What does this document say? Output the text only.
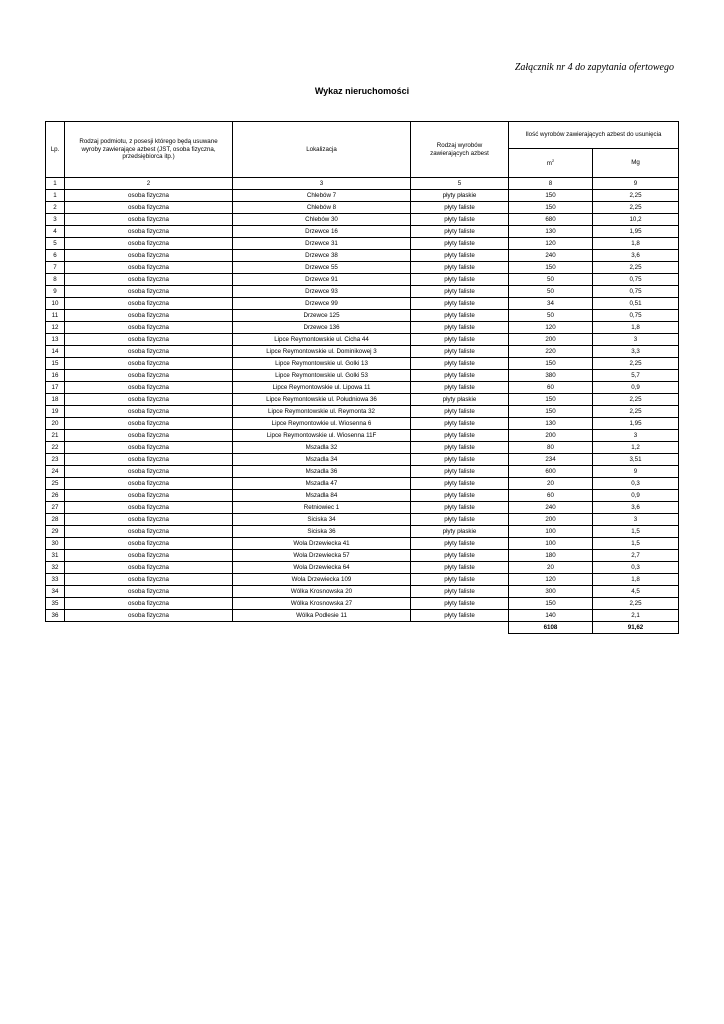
Załącznik nr 4 do zapytania ofertowego
Wykaz nieruchomości
Lp.	Rodzaj podmiotu, z posesji którego będą usuwane wyroby zawierające azbest (JST, osoba fizyczna, przedsiębiorca itp.)	Lokalizacja	Rodzaj wyrobów zawierających azbest	Ilość wyrobów zawierających azbest do usunięcia	
				$m^2$	Mg
1	2	3	5	8	9
1	osoba fizyczna	Chlebów 7	płyty płaskie	150	2,25
2	osoba fizyczna	Chlebów 8	płyty faliste	150	2,25
3	osoba fizyczna	Chlebów 30	płyty faliste	680	10,2
4	osoba fizyczna	Drzewce 16	płyty faliste	130	1,95
5	osoba fizyczna	Drzewce 31	płyty faliste	120	1,8
6	osoba fizyczna	Drzewce 38	płyty faliste	240	3,6
7	osoba fizyczna	Drzewce 55	płyty faliste	150	2,25
8	osoba fizyczna	Drzewce 91	płyty faliste	50	0,75
9	osoba fizyczna	Drzewce 93	płyty faliste	50	0,75
10	osoba fizyczna	Drzewce 99	płyty faliste	34	0,51
11	osoba fizyczna	Drzewce 125	płyty faliste	50	0,75
12	osoba fizyczna	Drzewce 136	płyty faliste	120	1,8
13	osoba fizyczna	Lipce Reymontowskie ul. Cicha 44	płyty faliste	200	3
14	osoba fizyczna	Lipce Reymontowskie ul. Dominikowej 3	płyty faliste	220	3,3
15	osoba fizyczna	Lipce Reymontowskie ul. Golki 13	płyty faliste	150	2,25
16	osoba fizyczna	Lipce Reymontowskie ul. Golki 53	płyty faliste	380	5,7
17	osoba fizyczna	Lipce Reymontowskie ul. Lipowa 11	płyty faliste	60	0,9
18	osoba fizyczna	Lipce Reymontowskie ul. Południowa 36	płyty płaskie	150	2,25
19	osoba fizyczna	Lipce Reymontowskie ul. Reymonta 32	płyty faliste	150	2,25
20	osoba fizyczna	Lipce Reymontowkie ul. Wiosenna 6	płyty faliste	130	1,95
21	osoba fizyczna	Lipce Reymontowskie ul. Wiosenna 11F	płyty faliste	200	3
22	osoba fizyczna	Mszadla 32	płyty faliste	80	1,2
23	osoba fizyczna	Mszadla 34	płyty faliste	234	3,51
24	osoba fizyczna	Mszadla 36	płyty faliste	600	9
25	osoba fizyczna	Mszadla 47	płyty faliste	20	0,3
26	osoba fizyczna	Mszadla 84	płyty faliste	60	0,9
27	osoba fizyczna	Retniowiec 1	płyty faliste	240	3,6
28	osoba fizyczna	Siciska 34	płyty faliste	200	3
29	osoba fizyczna	Siciska 36	płyty płaskie	100	1,5
30	osoba fizyczna	Wola Drzewiecka 41	płyty faliste	100	1,5
31	osoba fizyczna	Wola Drzewiecka 57	płyty faliste	180	2,7
32	osoba fizyczna	Wola Drzewiecka 64	płyty faliste	20	0,3
33	osoba fizyczna	Wola Drzewiecka 109	płyty faliste	120	1,8
34	osoba fizyczna	Wólka Krosnowska 20	płyty faliste	300	4,5
35	osoba fizyczna	Wólka Krosnowska 27	płyty faliste	150	2,25
36	osoba fizyczna	Wólka Podlesie 11	płyty faliste	140	2,1
				6108	91,62
